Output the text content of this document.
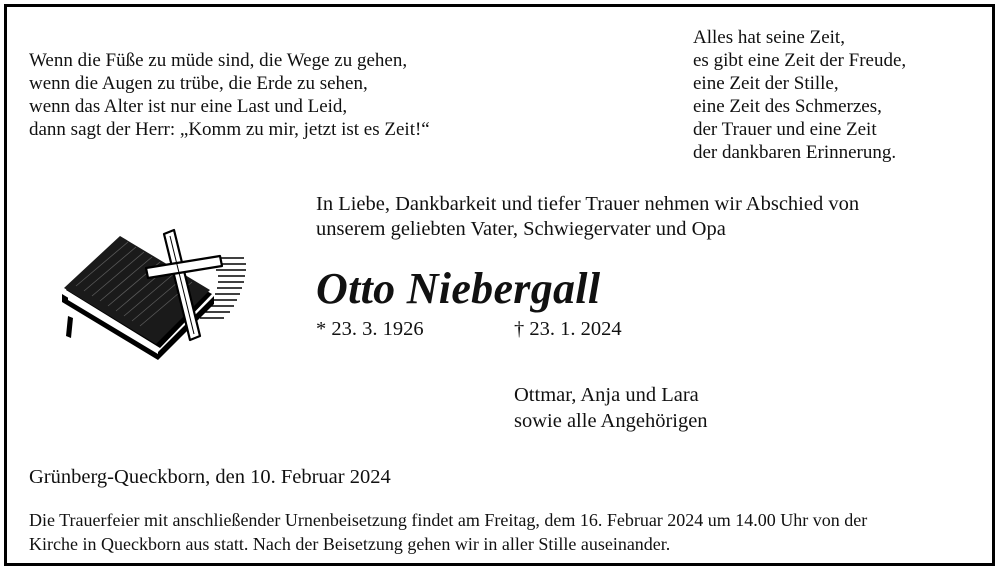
Wenn die Füße zu müde sind, die Wege zu gehen,
wenn die Augen zu trübe, die Erde zu sehen,
wenn das Alter ist nur eine Last und Leid,
dann sagt der Herr: „Komm zu mir, jetzt ist es Zeit!“
Alles hat seine Zeit,
es gibt eine Zeit der Freude,
eine Zeit der Stille,
eine Zeit des Schmerzes,
der Trauer und eine Zeit
der dankbaren Erinnerung.
In Liebe, Dankbarkeit und tiefer Trauer nehmen wir Abschied von
unserem geliebten Vater, Schwiegervater und Opa
Otto Niebergall
* 23. 3. 1926	† 23. 1. 2024
Ottmar, Anja und Lara
sowie alle Angehörigen
Grünberg-Queckborn, den 10. Februar 2024
Die Trauerfeier mit anschließender Urnenbeisetzung findet am Freitag, dem 16. Februar 2024 um 14.00 Uhr von der
Kirche in Queckborn aus statt. Nach der Beisetzung gehen wir in aller Stille auseinander.
